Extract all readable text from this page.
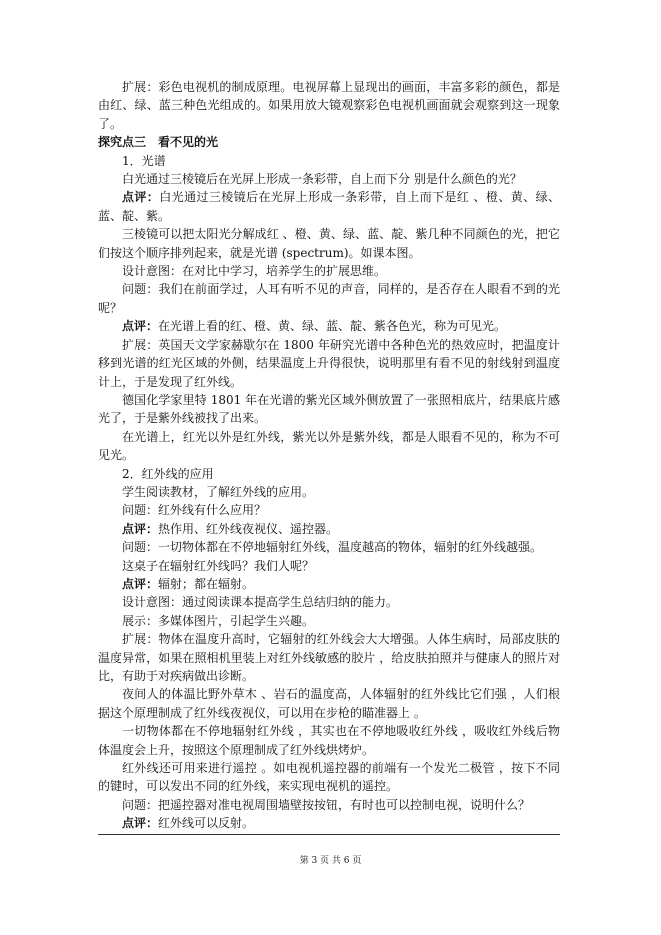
扩展：彩色电视机的制成原理。电视屏幕上显现出的画面，丰富多彩的颜色，都是由红、绿、蓝三种色光组成的。如果用放大镜观察彩色电视机画面就会观察到这一现象了。

探究点三　看不见的光

1．光谱

白光通过三棱镜后在光屏上形成一条彩带，自上而下分 别是什么颜色的光？

点评：白光通过三棱镜后在光屏上形成一条彩带，自上而下是红 、橙、黄、绿、蓝、靛、紫。

三棱镜可以把太阳光分解成红 、橙、黄、绿、蓝、靛、紫几种不同颜色的光，把它们按这个顺序排列起来，就是光谱 (spectrum)。如课本图。

设计意图：在对比中学习，培养学生的扩展思维。

问题：我们在前面学过，人耳有听不见的声音，同样的，是否存在人眼看不到的光呢？

点评：在光谱上看的红、橙、黄、绿、蓝、靛、紫各色光，称为可见光。

扩展：英国天文学家赫歇尔在 1800 年研究光谱中各种色光的热效应时，把温度计移到光谱的红光区域的外侧，结果温度上升得很快，说明那里有看不见的射线射到温度计上，于是发现了红外线。

德国化学家里特 1801 年在光谱的紫光区域外侧放置了一张照相底片，结果底片感光了，于是紫外线被找了出来。

在光谱上，红光以外是红外线，紫光以外是紫外线，都是人眼看不见的，称为不可见光。

2．红外线的应用

学生阅读教材，了解红外线的应用。

问题：红外线有什么应用？

点评：热作用、红外线夜视仪、遥控器。

问题：一切物体都在不停地辐射红外线，温度越高的物体，辐射的红外线越强。

这桌子在辐射红外线吗？我们人呢？

点评：辐射；都在辐射。

设计意图：通过阅读课本提高学生总结归纳的能力。

展示：多媒体图片，引起学生兴趣。

扩展：物体在温度升高时，它辐射的红外线会大大增强。人体生病时，局部皮肤的温度异常，如果在照相机里装上对红外线敏感的胶片 ，给皮肤拍照并与健康人的照片对比，有助于对疾病做出诊断。

夜间人的体温比野外草木 、岩石的温度高，人体辐射的红外线比它们强 ，人们根据这个原理制成了红外线夜视仪，可以用在步枪的瞄准器上 。

一切物体都在不停地辐射红外线 ，其实也在不停地吸收红外线 ，吸收红外线后物体温度会上升，按照这个原理制成了红外线烘烤炉。

红外线还可用来进行遥控 。如电视机遥控器的前端有一个发光二极管 ，按下不同的键时，可以发出不同的红外线，来实现电视机的遥控。

问题：把遥控器对准电视周围墙壁按按钮，有时也可以控制电视，说明什么？

点评：红外线可以反射。

第 3 页 共 6 页
